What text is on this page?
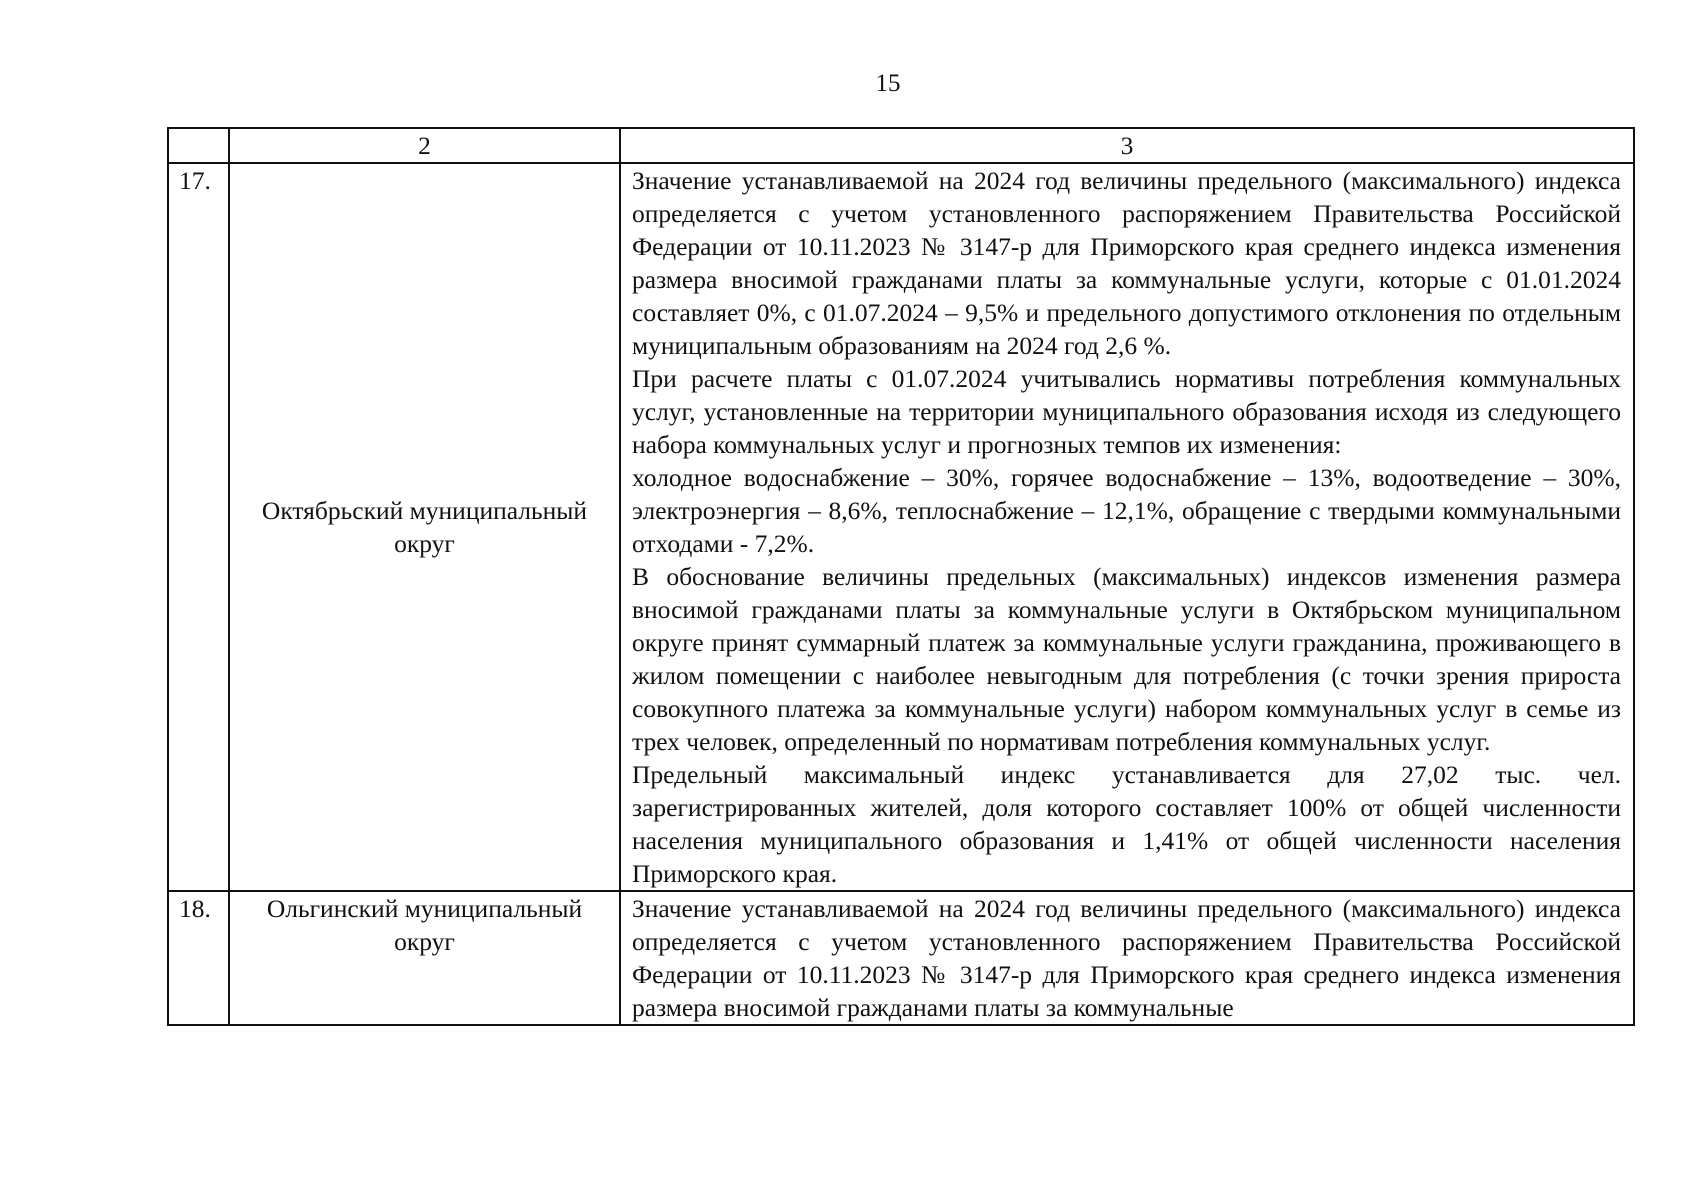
15
	2	3
17.	Октябрьский муниципальный округ	Значение устанавливаемой на 2024 год величины предельного (максимального) индекса определяется с учетом установленного распоряжением Правительства Российской Федерации от 10.11.2023 № 3147-р для Приморского края среднего индекса изменения размера вносимой гражданами платы за коммунальные услуги, которые с 01.01.2024 составляет 0%, с 01.07.2024 – 9,5% и предельного допустимого отклонения по отдельным муниципальным образованиям на 2024 год 2,6 %.

При расчете платы с 01.07.2024 учитывались нормативы потребления коммунальных услуг, установленные на территории муниципального образования исходя из следующего набора коммунальных услуг и прогнозных темпов их изменения:

холодное водоснабжение – 30%, горячее водоснабжение – 13%, водоотведение – 30%, электроэнергия – 8,6%, теплоснабжение – 12,1%, обращение с твердыми коммунальными отходами - 7,2%.

В обоснование величины предельных (максимальных) индексов изменения размера вносимой гражданами платы за коммунальные услуги в Октябрьском муниципальном округе принят суммарный платеж за коммунальные услуги гражданина, проживающего в жилом помещении с наиболее невыгодным для потребления (с точки зрения прироста совокупного платежа за коммунальные услуги) набором коммунальных услуг в семье из трех человек, определенный по нормативам потребления коммунальных услуг.

Предельный максимальный индекс устанавливается для 27,02 тыс. чел. зарегистрированных жителей, доля которого составляет 100% от общей численности населения муниципального образования и 1,41% от общей численности населения Приморского края.

18.	Ольгинский муниципальный округ	Значение устанавливаемой на 2024 год величины предельного (максимального) индекса определяется с учетом установленного распоряжением Правительства Российской Федерации от 10.11.2023 № 3147-р для Приморского края среднего индекса изменения размера вносимой гражданами платы за коммунальные
